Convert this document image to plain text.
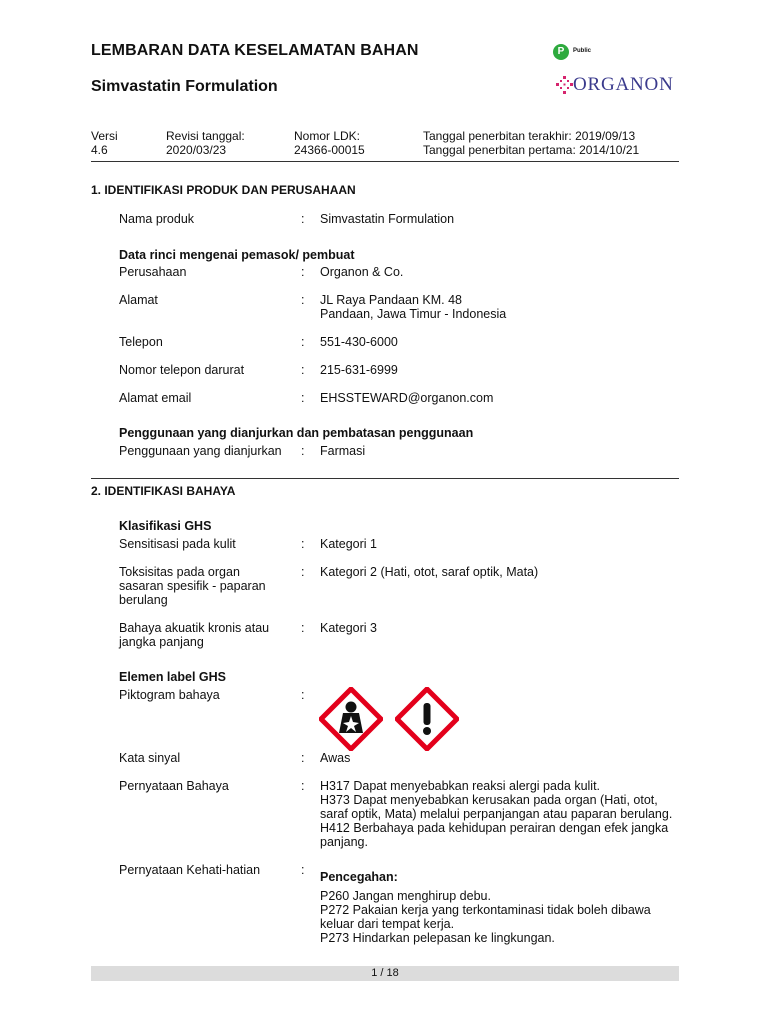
LEMBARAN DATA KESELAMATAN BAHAN
Simvastatin Formulation
P	Public
ORGANON
Versi
4.6
Revisi tanggal:
2020/03/23
Nomor LDK:
24366-00015
Tanggal penerbitan terakhir: 2019/09/13
Tanggal penerbitan pertama: 2014/10/21
1. IDENTIFIKASI PRODUK DAN PERUSAHAAN
Nama produk	: Simvastatin Formulation
Data rinci mengenai pemasok/ pembuat
Perusahaan	: Organon & Co.
Alamat	: JL Raya Pandaan KM. 48
Pandaan, Jawa Timur - Indonesia
Telepon	: 551-430-6000
Nomor telepon darurat	: 215-631-6999
Alamat email	: EHSSTEWARD@organon.com
Penggunaan yang dianjurkan dan pembatasan penggunaan
Penggunaan yang dianjurkan : Farmasi
2. IDENTIFIKASI BAHAYA
Klasifikasi GHS
Sensitisasi pada kulit	: Kategori 1
Toksisitas pada organ
sasaran spesifik - paparan
berulang
: Kategori 2 (Hati, otot, saraf optik, Mata)
Bahaya akuatik kronis atau
jangka panjang
: Kategori 3
Elemen label GHS
Piktogram bahaya	:
Kata sinyal	: Awas
Pernyataan Bahaya	: H317 Dapat menyebabkan reaksi alergi pada kulit.
H373 Dapat menyebabkan kerusakan pada organ (Hati, otot,
saraf optik, Mata) melalui perpanjangan atau paparan berulang.
H412 Berbahaya pada kehidupan perairan dengan efek jangka
panjang.
Pernyataan Kehati-hatian	: Pencegahan:
P260 Jangan menghirup debu.
P272 Pakaian kerja yang terkontaminasi tidak boleh dibawa
keluar dari tempat kerja.
P273 Hindarkan pelepasan ke lingkungan.
1 / 18
